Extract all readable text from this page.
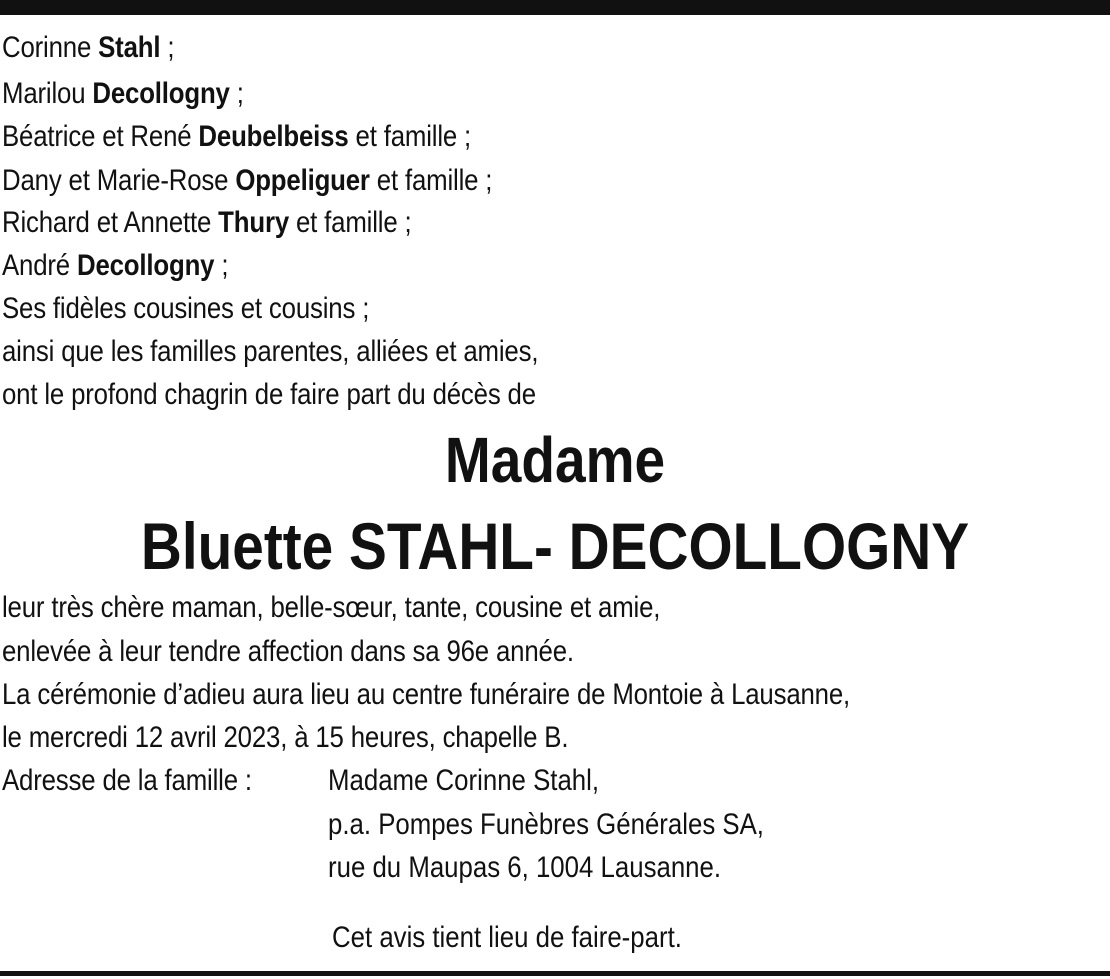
Corinne Stahl ;
Marilou Decollogny ;
Béatrice et René Deubelbeiss et famille ;
Dany et Marie-Rose Oppeliguer et famille ;
Richard et Annette Thury et famille ;
André Decollogny ;
Ses fidèles cousines et cousins ;
ainsi que les familles parentes, alliées et amies,
ont le profond chagrin de faire part du décès de
Madame
Bluette STAHL- DECOLLOGNY
leur très chère maman, belle-sœur, tante, cousine et amie,
enlevée à leur tendre affection dans sa 96e année.
La cérémonie d’adieu aura lieu au centre funéraire de Montoie à Lausanne,
le mercredi 12 avril 2023, à 15 heures, chapelle B.
Adresse de la famille :	Madame Corinne Stahl,
p.a. Pompes Funèbres Générales SA,
rue du Maupas 6, 1004 Lausanne.
Cet avis tient lieu de faire-part.
